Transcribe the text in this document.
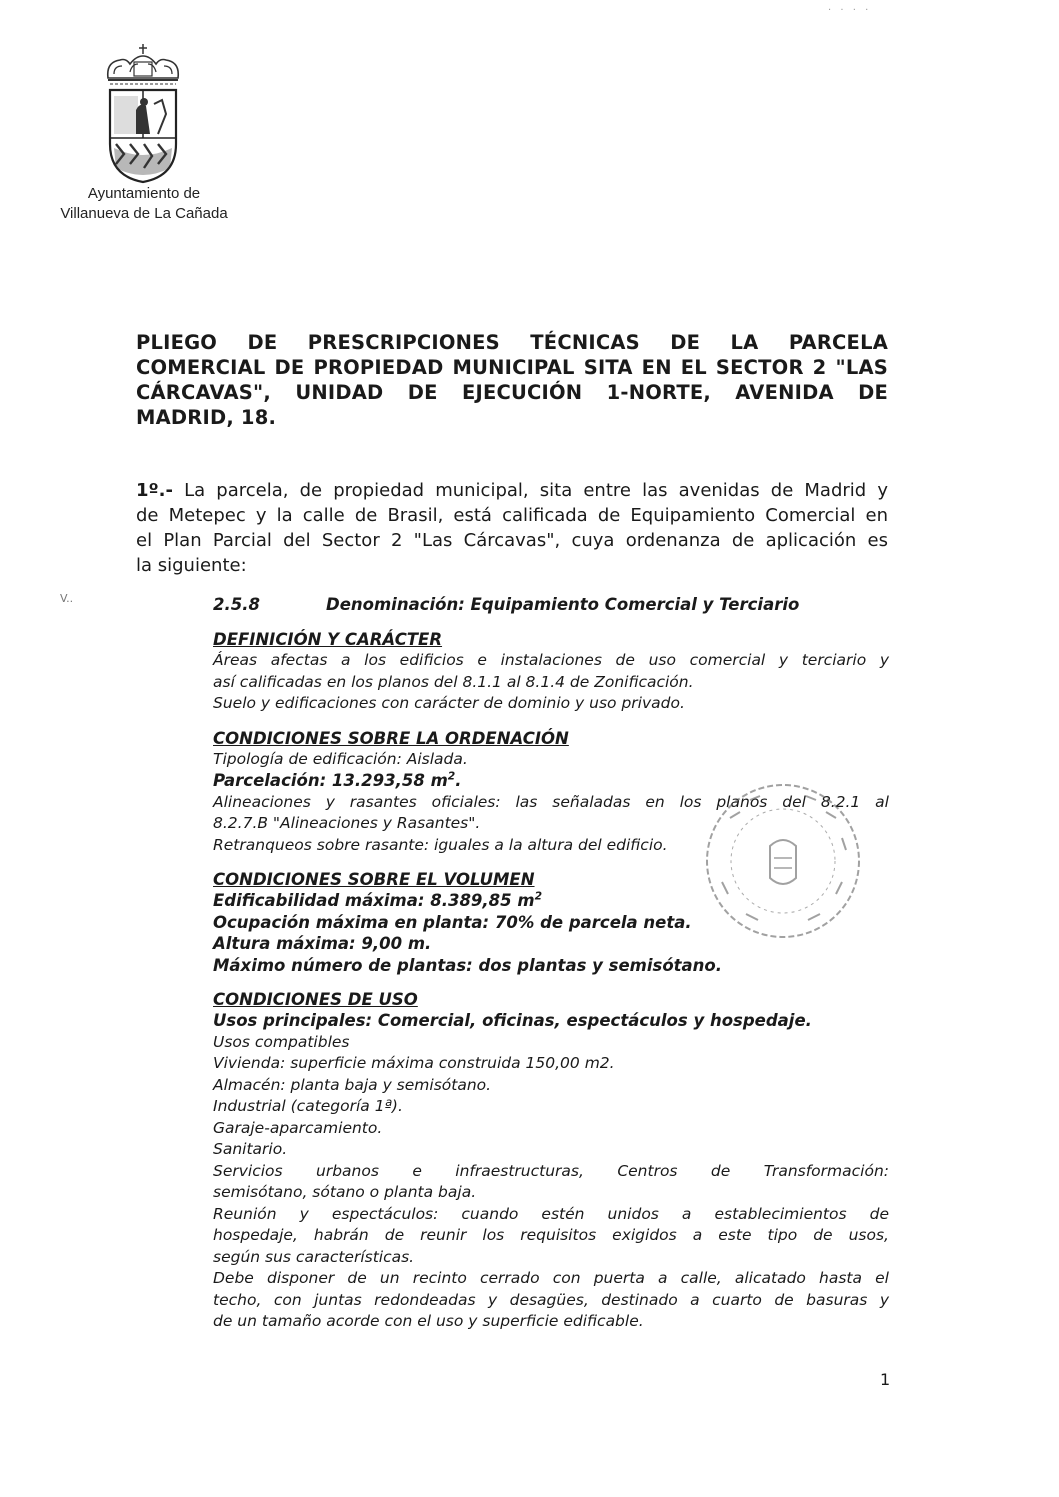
. . . .
Ayuntamiento de
Villanueva de La Cañada
PLIEGO DE PRESCRIPCIONES TÉCNICAS DE LA PARCELA
COMERCIAL DE PROPIEDAD MUNICIPAL SITA EN EL SECTOR 2 "LAS
CÁRCAVAS", UNIDAD DE EJECUCIÓN 1-NORTE, AVENIDA DE
MADRID, 18.
1º.- La parcela, de propiedad municipal, sita entre las avenidas de Madrid y
de Metepec y la calle de Brasil, está calificada de Equipamiento Comercial en
el Plan Parcial del Sector 2 "Las Cárcavas", cuya ordenanza de aplicación es
la siguiente:
V..	2.5.8	Denominación: Equipamiento Comercial y Terciario

DEFINICIÓN Y CARÁCTER

Áreas afectas a los edificios e instalaciones de uso comercial y terciario y
así calificadas en los planos del 8.1.1 al 8.1.4 de Zonificación.
Suelo y edificaciones con carácter de dominio y uso privado.

CONDICIONES SOBRE LA ORDENACIÓN

Tipología de edificación: Aislada.
Parcelación: 13.293,58 $m^2$.
Alineaciones y rasantes oficiales: las señaladas en los planos del 8.2.1 al
8.2.7.B "Alineaciones y Rasantes".
Retranqueos sobre rasante: iguales a la altura del edificio.

CONDICIONES SOBRE EL VOLUMEN

Edificabilidad máxima: 8.389,85 $m^2$
Ocupación máxima en planta: 70% de parcela neta.
Altura máxima: 9,00 m.
Máximo número de plantas: dos plantas y semisótano.

CONDICIONES DE USO

Usos principales: Comercial, oficinas, espectáculos y hospedaje.
Usos compatibles
Vivienda: superficie máxima construida 150,00 m2.
Almacén: planta baja y semisótano.
Industrial (categoría 1ª).
Garaje-aparcamiento.
Sanitario.
Servicios urbanos e infraestructuras, Centros de Transformación:
semisótano, sótano o planta baja.
Reunión y espectáculos: cuando estén unidos a establecimientos de
hospedaje, habrán de reunir los requisitos exigidos a este tipo de usos,
según sus características.
Debe disponer de un recinto cerrado con puerta a calle, alicatado hasta el
techo, con juntas redondeadas y desagües, destinado a cuarto de basuras y
de un tamaño acorde con el uso y superficie edificable.
1
